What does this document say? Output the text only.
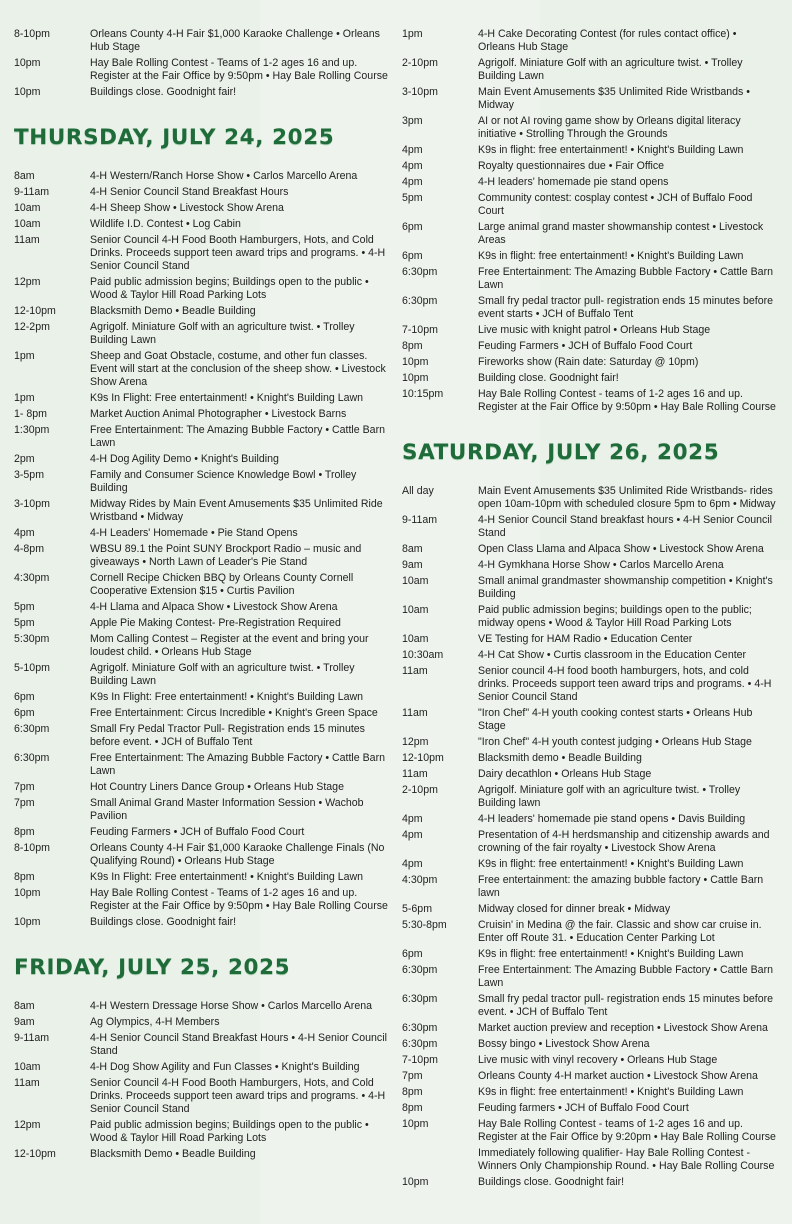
8-10pm	Orleans County 4-H Fair $1,000 Karaoke Challenge • Orleans Hub Stage
10pm	Hay Bale Rolling Contest - Teams of 1-2 ages 16 and up. Register at the Fair Office by 9:50pm • Hay Bale Rolling Course
10pm	Buildings close. Goodnight fair!
THURSDAY, JULY 24, 2025
8am	4-H Western/Ranch Horse Show • Carlos Marcello Arena
9-11am	4-H Senior Council Stand Breakfast Hours
10am	4-H Sheep Show • Livestock Show Arena
10am	Wildlife I.D. Contest • Log Cabin
11am	Senior Council 4-H Food Booth Hamburgers, Hots, and Cold Drinks. Proceeds support teen award trips and programs. • 4-H Senior Council Stand
12pm	Paid public admission begins; Buildings open to the public • Wood & Taylor Hill Road Parking Lots
12-10pm	Blacksmith Demo • Beadle Building
12-2pm	Agrigolf. Miniature Golf with an agriculture twist. • Trolley Building Lawn
1pm	Sheep and Goat Obstacle, costume, and other fun classes. Event will start at the conclusion of the sheep show. • Livestock Show Arena
1pm	K9s In Flight: Free entertainment! • Knight's Building Lawn
1- 8pm	Market Auction Animal Photographer • Livestock Barns
1:30pm	Free Entertainment: The Amazing Bubble Factory • Cattle Barn Lawn
2pm	4-H Dog Agility Demo • Knight's Building
3-5pm	Family and Consumer Science Knowledge Bowl • Trolley Building
3-10pm	Midway Rides by Main Event Amusements $35 Unlimited Ride Wristband • Midway
4pm	4-H Leaders' Homemade • Pie Stand Opens
4-8pm	WBSU 89.1 the Point SUNY Brockport Radio – music and giveaways • North Lawn of Leader's Pie Stand
4:30pm	Cornell Recipe Chicken BBQ by Orleans County Cornell Cooperative Extension $15 • Curtis Pavilion
5pm	4-H Llama and Alpaca Show • Livestock Show Arena
5pm	Apple Pie Making Contest- Pre-Registration Required
5:30pm	Mom Calling Contest – Register at the event and bring your loudest child. • Orleans Hub Stage
5-10pm	Agrigolf. Miniature Golf with an agriculture twist. • Trolley Building Lawn
6pm	K9s In Flight: Free entertainment! • Knight's Building Lawn
6pm	Free Entertainment: Circus Incredible • Knight's Green Space
6:30pm	Small Fry Pedal Tractor Pull- Registration ends 15 minutes before event. • JCH of Buffalo Tent
6:30pm	Free Entertainment: The Amazing Bubble Factory • Cattle Barn Lawn
7pm	Hot Country Liners Dance Group • Orleans Hub Stage
7pm	Small Animal Grand Master Information Session • Wachob Pavilion
8pm	Feuding Farmers • JCH of Buffalo Food Court
8-10pm	Orleans County 4-H Fair $1,000 Karaoke Challenge Finals (No Qualifying Round) • Orleans Hub Stage
8pm	K9s In Flight: Free entertainment! • Knight's Building Lawn
10pm	Hay Bale Rolling Contest - Teams of 1-2 ages 16 and up. Register at the Fair Office by 9:50pm • Hay Bale Rolling Course
10pm	Buildings close. Goodnight fair!
FRIDAY, JULY 25, 2025
8am	4-H Western Dressage Horse Show • Carlos Marcello Arena
9am	Ag Olympics, 4-H Members
9-11am	4-H Senior Council Stand Breakfast Hours • 4-H Senior Council Stand
10am	4-H Dog Show Agility and Fun Classes • Knight's Building
11am	Senior Council 4-H Food Booth Hamburgers, Hots, and Cold Drinks. Proceeds support teen award trips and programs. • 4-H Senior Council Stand
12pm	Paid public admission begins; Buildings open to the public • Wood & Taylor Hill Road Parking Lots
12-10pm	Blacksmith Demo • Beadle Building
1pm	4-H Cake Decorating Contest (for rules contact office) • Orleans Hub Stage
2-10pm	Agrigolf. Miniature Golf with an agriculture twist. • Trolley Building Lawn
3-10pm	Main Event Amusements $35 Unlimited Ride Wristbands • Midway
3pm	AI or not AI roving game show by Orleans digital literacy initiative • Strolling Through the Grounds
4pm	K9s in flight: free entertainment! • Knight's Building Lawn
4pm	Royalty questionnaires due • Fair Office
4pm	4-H leaders' homemade pie stand opens
5pm	Community contest: cosplay contest • JCH of Buffalo Food Court
6pm	Large animal grand master showmanship contest • Livestock Areas
6pm	K9s in flight: free entertainment! • Knight's Building Lawn
6:30pm	Free Entertainment: The Amazing Bubble Factory • Cattle Barn Lawn
6:30pm	Small fry pedal tractor pull- registration ends 15 minutes before event starts • JCH of Buffalo Tent
7-10pm	Live music with knight patrol • Orleans Hub Stage
8pm	Feuding Farmers • JCH of Buffalo Food Court
10pm	Fireworks show (Rain date: Saturday @ 10pm)
10pm	Building close. Goodnight fair!
10:15pm	Hay Bale Rolling Contest - teams of 1-2 ages 16 and up. Register at the Fair Office by 9:50pm • Hay Bale Rolling Course
SATURDAY, JULY 26, 2025
All day	Main Event Amusements $35 Unlimited Ride Wristbands- rides open 10am-10pm with scheduled closure 5pm to 6pm • Midway
9-11am	4-H Senior Council Stand breakfast hours • 4-H Senior Council Stand
8am	Open Class Llama and Alpaca Show • Livestock Show Arena
9am	4-H Gymkhana Horse Show • Carlos Marcello Arena
10am	Small animal grandmaster showmanship competition • Knight's Building
10am	Paid public admission begins; buildings open to the public; midway opens • Wood & Taylor Hill Road Parking Lots
10am	VE Testing for HAM Radio • Education Center
10:30am	4-H Cat Show • Curtis classroom in the Education Center
11am	Senior council 4-H food booth hamburgers, hots, and cold drinks. Proceeds support teen award trips and programs. • 4-H Senior Council Stand
11am	"Iron Chef" 4-H youth cooking contest starts • Orleans Hub Stage
12pm	"Iron Chef" 4-H youth contest judging • Orleans Hub Stage
12-10pm	Blacksmith demo • Beadle Building
11am	Dairy decathlon • Orleans Hub Stage
2-10pm	Agrigolf. Miniature golf with an agriculture twist. • Trolley Building lawn
4pm	4-H leaders' homemade pie stand opens • Davis Building
4pm	Presentation of 4-H herdsmanship and citizenship awards and crowning of the fair royalty • Livestock Show Arena
4pm	K9s in flight: free entertainment! • Knight's Building Lawn
4:30pm	Free entertainment: the amazing bubble factory • Cattle Barn lawn
5-6pm	Midway closed for dinner break • Midway
5:30-8pm	Cruisin' in Medina @ the fair. Classic and show car cruise in. Enter off Route 31. • Education Center Parking Lot
6pm	K9s in flight: free entertainment! • Knight's Building Lawn
6:30pm	Free Entertainment: The Amazing Bubble Factory • Cattle Barn Lawn
6:30pm	Small fry pedal tractor pull- registration ends 15 minutes before event. • JCH of Buffalo Tent
6:30pm	Market auction preview and reception • Livestock Show Arena
6:30pm	Bossy bingo • Livestock Show Arena
7-10pm	Live music with vinyl recovery • Orleans Hub Stage
7pm	Orleans County 4-H market auction • Livestock Show Arena
8pm	K9s in flight: free entertainment! • Knight's Building Lawn
8pm	Feuding farmers • JCH of Buffalo Food Court
10pm	Hay Bale Rolling Contest - teams of 1-2 ages 16 and up. Register at the Fair Office by 9:20pm • Hay Bale Rolling Course
Immediately following qualifier- Hay Bale Rolling Contest - Winners Only Championship Round. • Hay Bale Rolling Course
10pm	Buildings close. Goodnight fair!
